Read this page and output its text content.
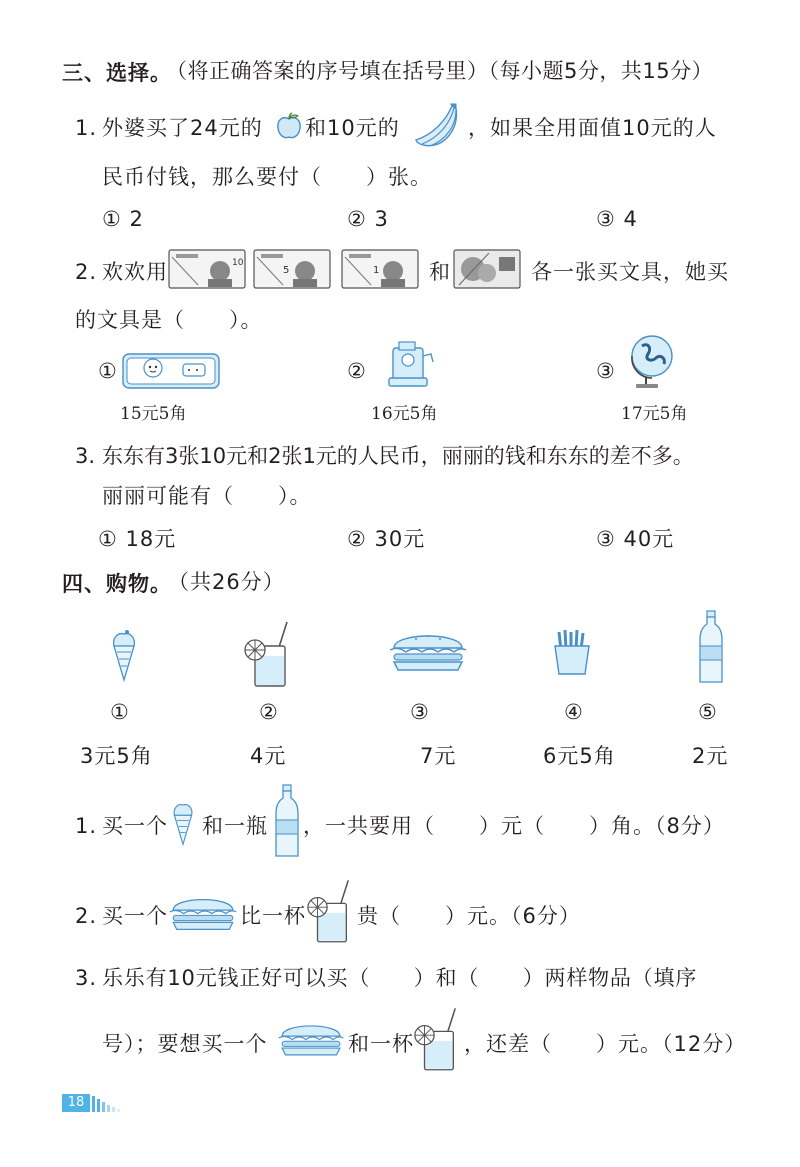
三、选择。
（将正确答案的序号填在括号里）（每小题5分，共15分）
1. 外婆买了24元的 和10元的	，如果全用面值10元的人
民币付钱，那么要付（　　）张。
① 2	② 3	③ 4
2. 欢欢用	10
5	1 和	各一张买文具，她买
的文具是（　　）。
①
15元5角
②
16元5角
③
17元5角
3. 东东有3张10元和2张1元的人民币，丽丽的钱和东东的差不多。
丽丽可能有（　　）。
① 18元	② 30元	③ 40元
四、购物。
（共26分）
①	②	③	④	⑤
3元5角	4元	7元	6元5角	2元
1. 买一个 和一瓶 ，一共要用（　　）元（　　）角。（8分）
2. 买一个	比一杯 贵（　　）元。（6分）
3. 乐乐有10元钱正好可以买（　　）和（　　）两样物品（填序
号）；要想买一个	和一杯 ，还差（　　）元。（12分）
18
